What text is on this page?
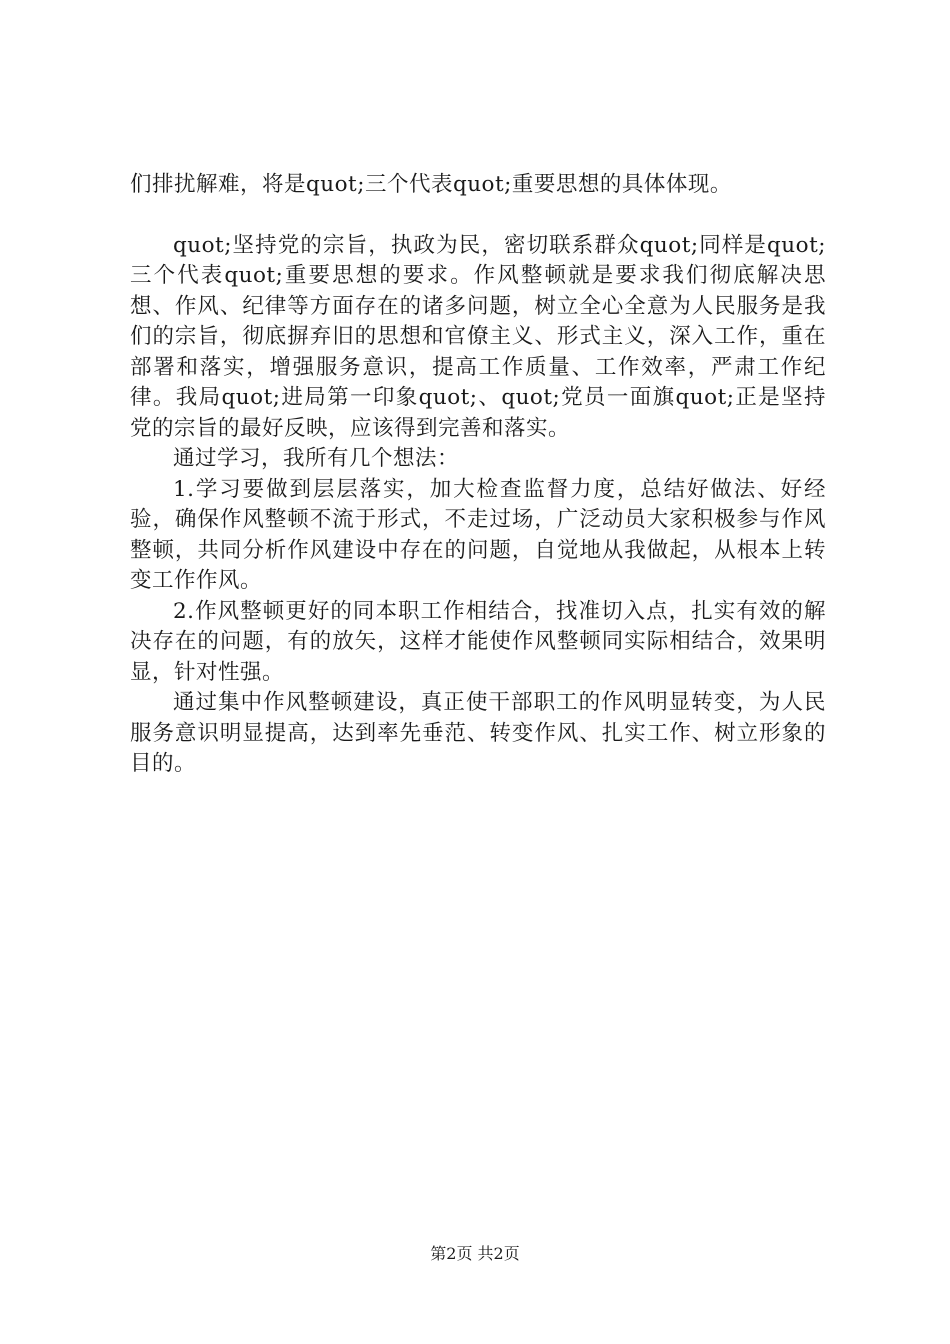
们排扰解难，将是quot;三个代表quot;重要思想的具体体现。

quot;坚持党的宗旨，执政为民，密切联系群众quot;同样是quot;三个代表quot;重要思想的要求。作风整顿就是要求我们彻底解决思想、作风、纪律等方面存在的诸多问题，树立全心全意为人民服务是我们的宗旨，彻底摒弃旧的思想和官僚主义、形式主义，深入工作，重在部署和落实，增强服务意识，提高工作质量、工作效率，严肃工作纪律。我局quot;进局第一印象quot;、quot;党员一面旗quot;正是坚持党的宗旨的最好反映，应该得到完善和落实。

通过学习，我所有几个想法：

1.学习要做到层层落实，加大检查监督力度，总结好做法、好经验，确保作风整顿不流于形式，不走过场，广泛动员大家积极参与作风整顿，共同分析作风建设中存在的问题，自觉地从我做起，从根本上转变工作作风。

2.作风整顿更好的同本职工作相结合，找准切入点，扎实有效的解决存在的问题，有的放矢，这样才能使作风整顿同实际相结合，效果明显，针对性强。

通过集中作风整顿建设，真正使干部职工的作风明显转变，为人民服务意识明显提高，达到率先垂范、转变作风、扎实工作、树立形象的目的。

第2页 共2页
